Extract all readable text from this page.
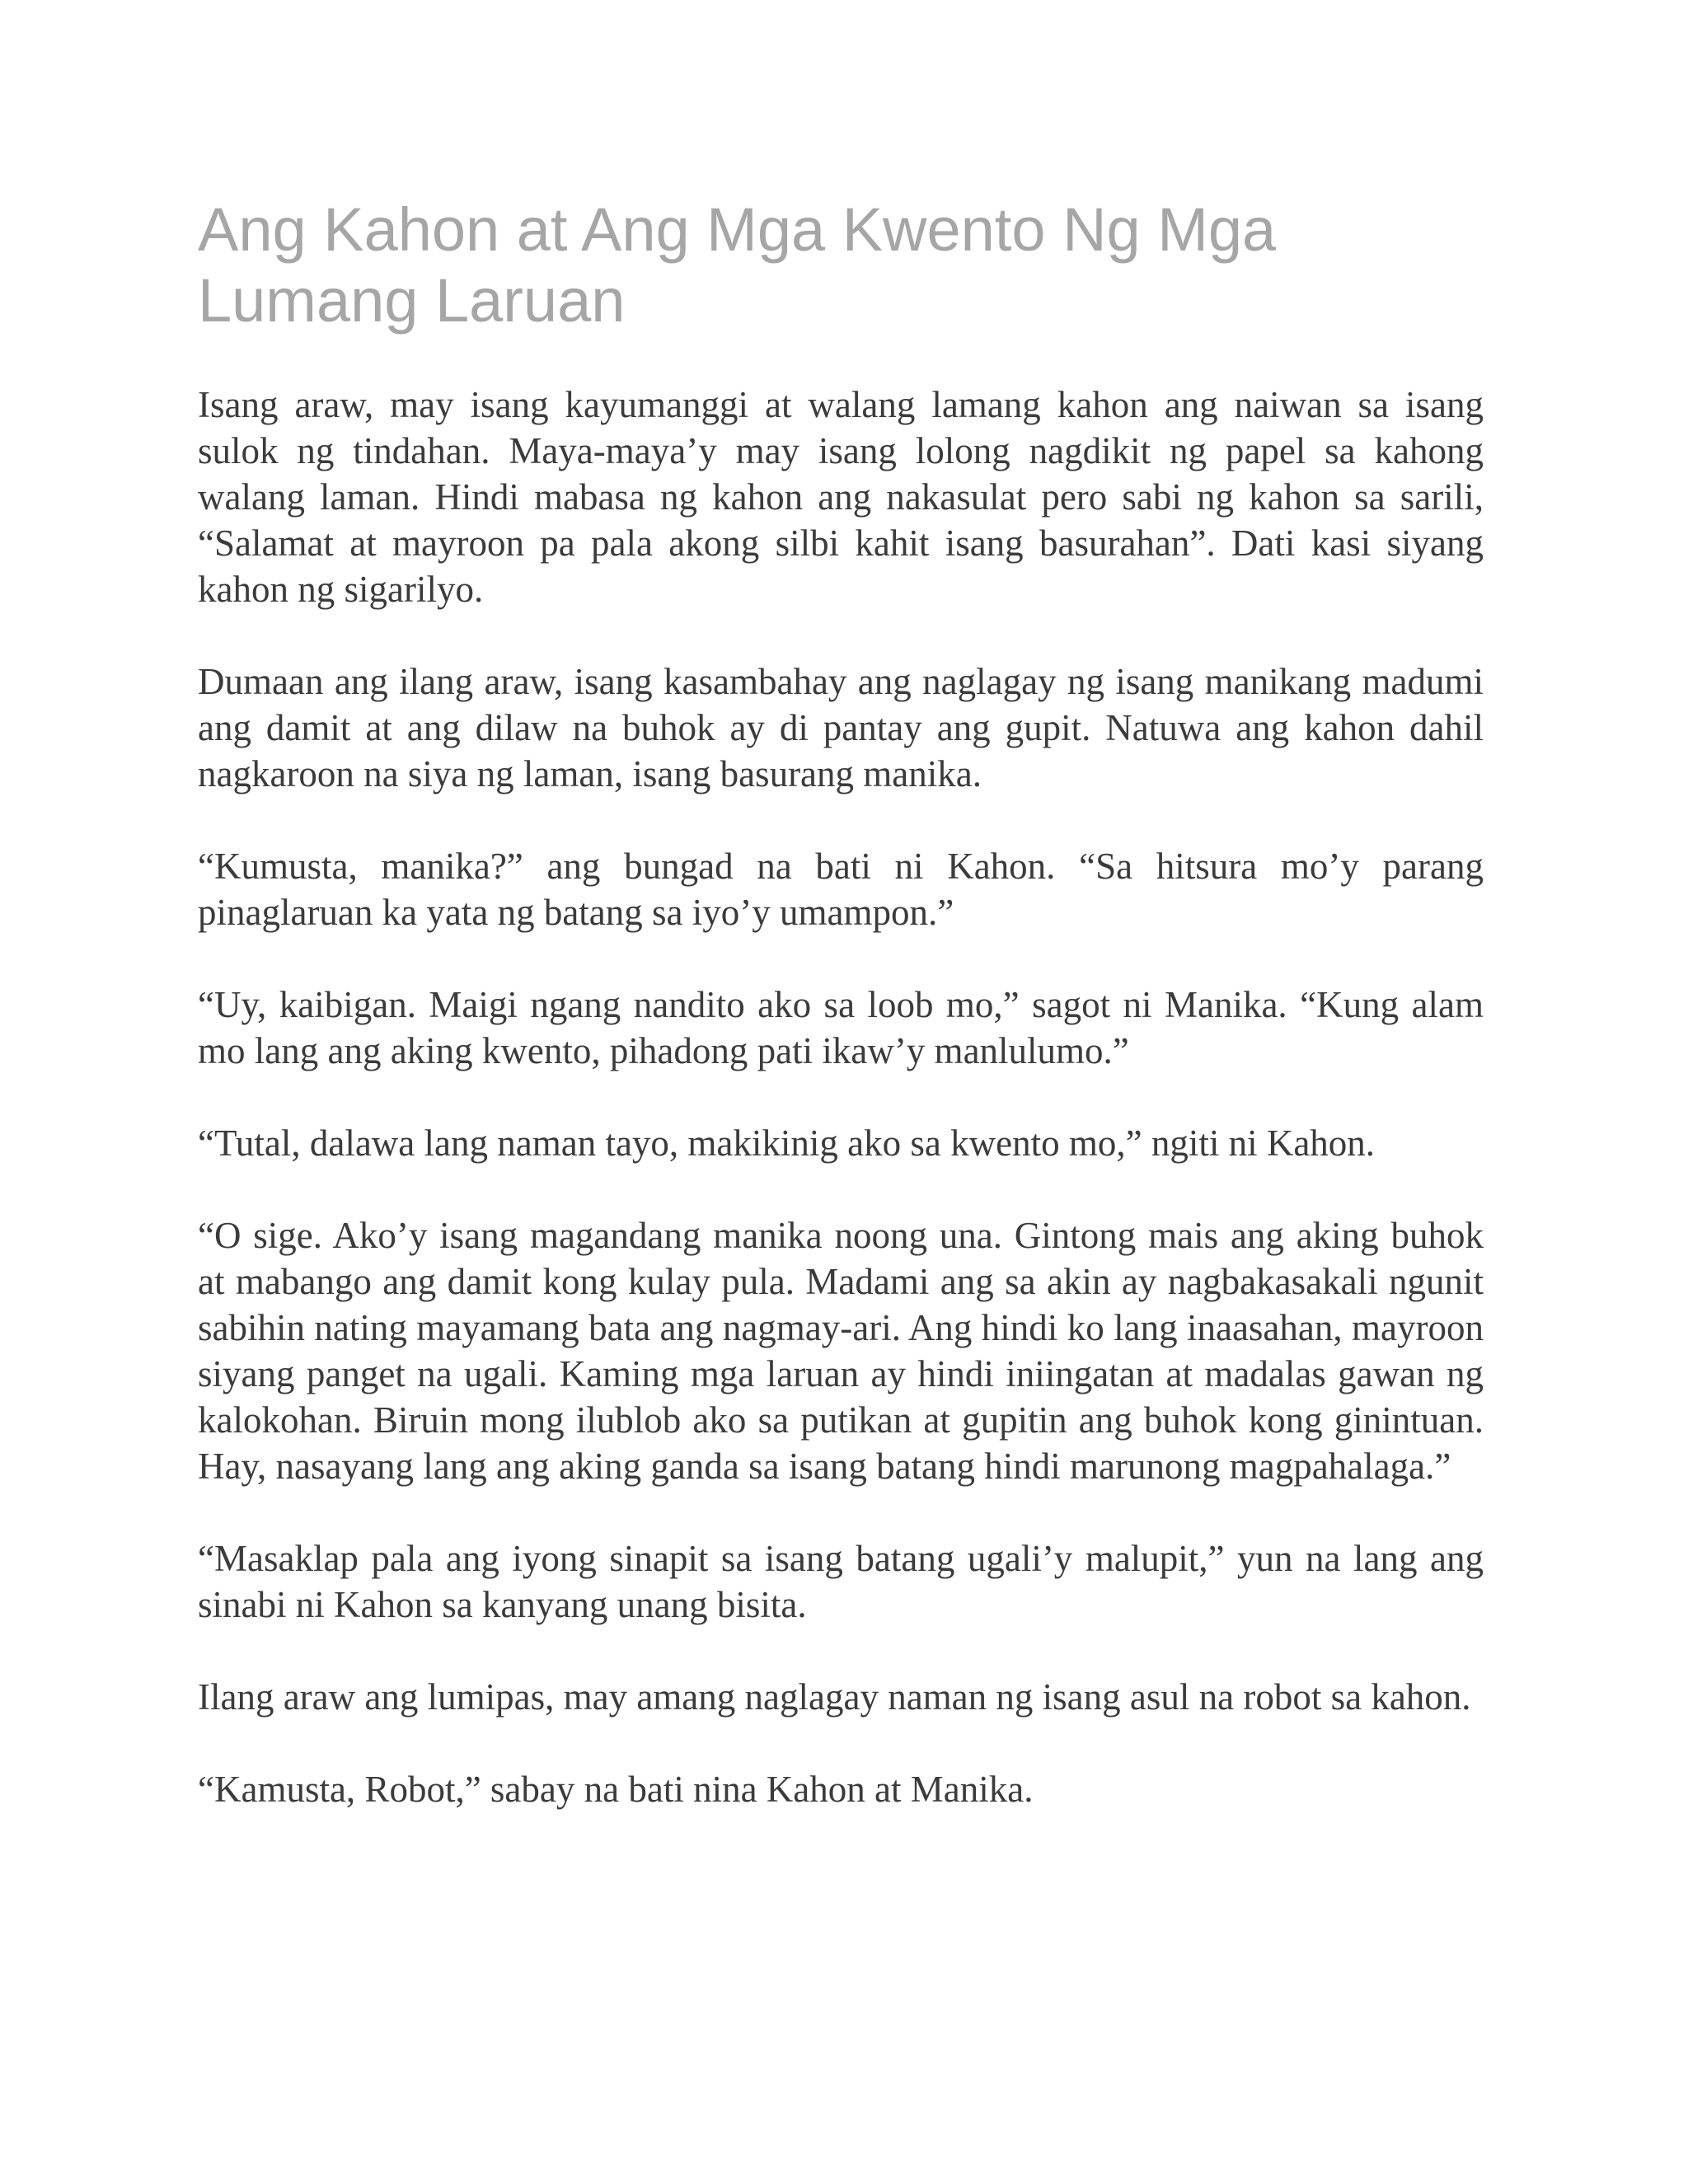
Ang Kahon at Ang Mga Kwento Ng Mga Lumang Laruan

Isang araw, may isang kayumanggi at walang lamang kahon ang naiwan sa isang sulok ng tindahan. Maya-maya’y may isang lolong nagdikit ng papel sa kahong walang laman. Hindi mabasa ng kahon ang nakasulat pero sabi ng kahon sa sarili, “Salamat at mayroon pa pala akong silbi kahit isang basurahan”. Dati kasi siyang kahon ng sigarilyo.

Dumaan ang ilang araw, isang kasambahay ang naglagay ng isang manikang madumi ang damit at ang dilaw na buhok ay di pantay ang gupit. Natuwa ang kahon dahil nagkaroon na siya ng laman, isang basurang manika.

“Kumusta, manika?” ang bungad na bati ni Kahon. “Sa hitsura mo’y parang pinaglaruan ka yata ng batang sa iyo’y umampon.”

“Uy, kaibigan. Maigi ngang nandito ako sa loob mo,” sagot ni Manika. “Kung alam mo lang ang aking kwento, pihadong pati ikaw’y manlulumo.”

“Tutal, dalawa lang naman tayo, makikinig ako sa kwento mo,” ngiti ni Kahon.

“O sige. Ako’y isang magandang manika noong una. Gintong mais ang aking buhok at mabango ang damit kong kulay pula. Madami ang sa akin ay nagbakasakali ngunit sabihin nating mayamang bata ang nagmay-ari. Ang hindi ko lang inaasahan, mayroon siyang panget na ugali. Kaming mga laruan ay hindi iniingatan at madalas gawan ng kalokohan. Biruin mong ilublob ako sa putikan at gupitin ang buhok kong ginintuan. Hay, nasayang lang ang aking ganda sa isang batang hindi marunong magpahalaga.”

“Masaklap pala ang iyong sinapit sa isang batang ugali’y malupit,” yun na lang ang sinabi ni Kahon sa kanyang unang bisita.

Ilang araw ang lumipas, may amang naglagay naman ng isang asul na robot sa kahon.

“Kamusta, Robot,” sabay na bati nina Kahon at Manika.
